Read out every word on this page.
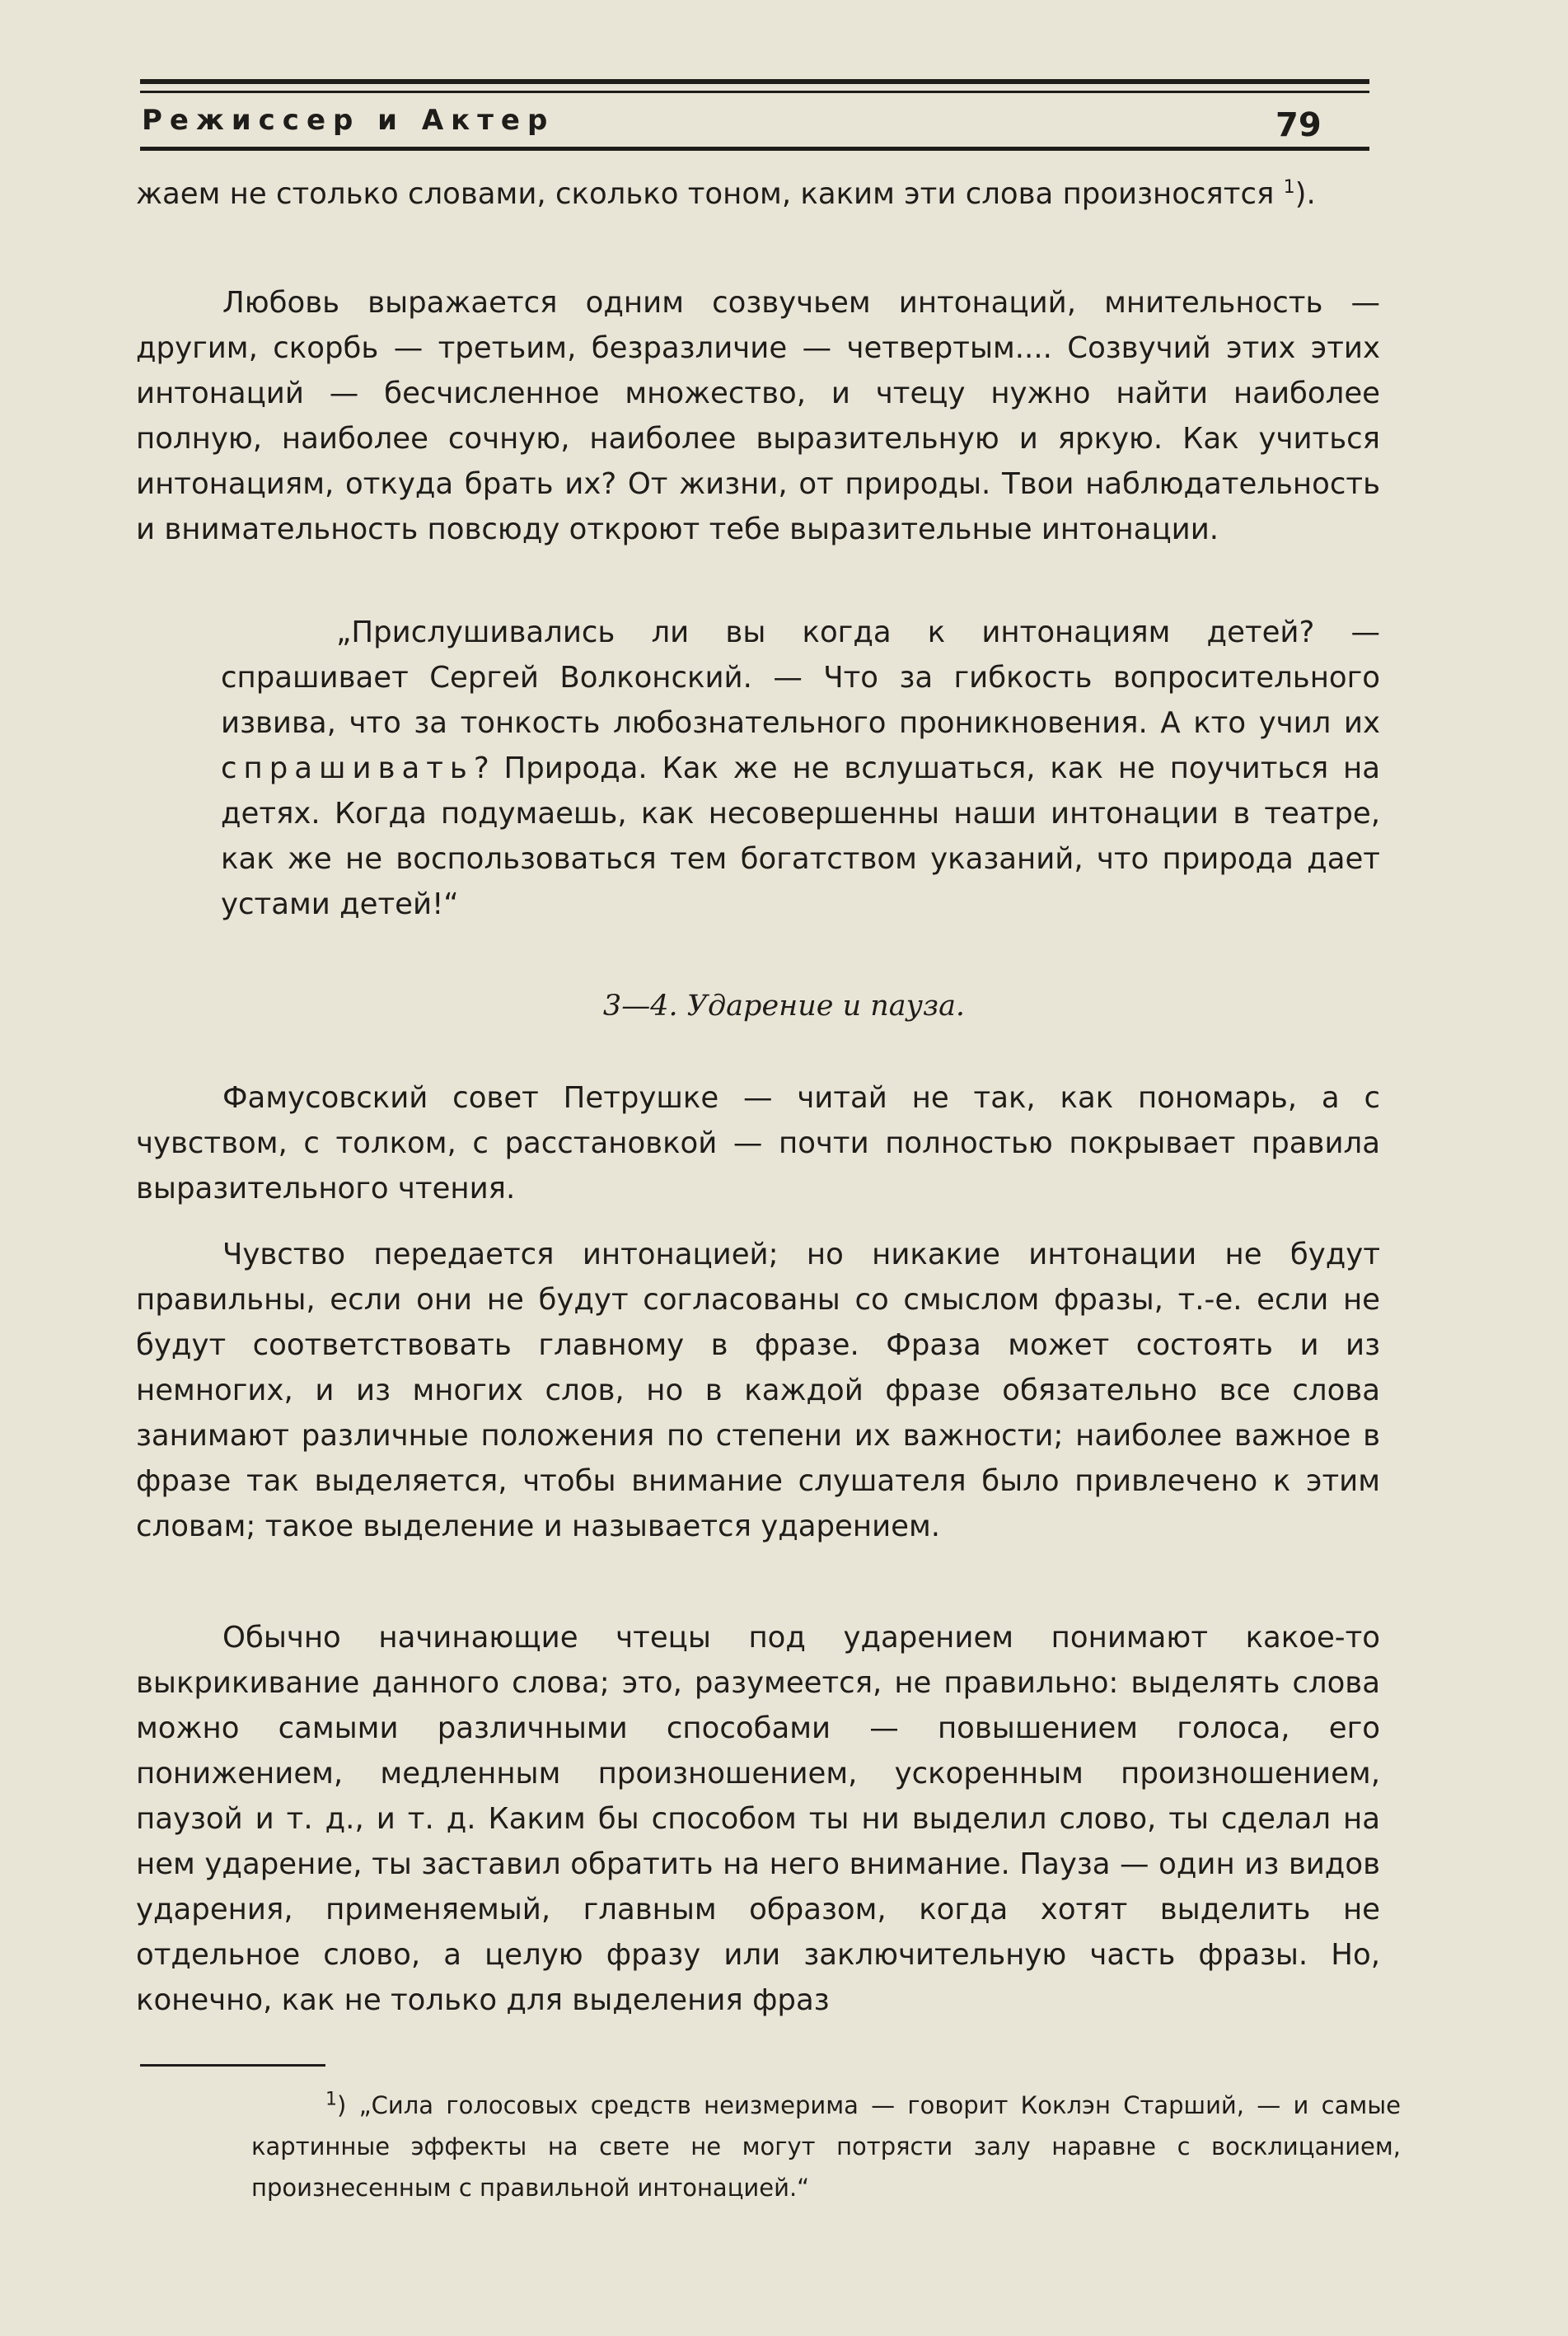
Режиссер и Актер	79

жаем не столько словами, сколько тоном, каким эти слова произносятся $^1$).

Любовь выражается одним созвучьем интонаций, мнительность — другим, скорбь — третьим, безразличие — четвертым.... Созвучий этих этих интонаций — бесчисленное множество, и чтецу нужно найти наиболее полную, наиболее сочную, наиболее выразительную и яркую. Как учиться интонациям, откуда брать их? От жизни, от природы. Твои наблюдательность и внимательность повсюду откроют тебе выразительные интонации.

„Прислушивались ли вы когда к интонациям детей? — спрашивает Сергей Волконский. — Что за гибкость вопросительного извива, что за тонкость любознательного проникновения. А кто учил их спрашивать? Природа. Как же не вслушаться, как не поучиться на детях. Когда подумаешь, как несовершенны наши интонации в театре, как же не воспользоваться тем богатством указаний, что природа дает устами детей!“

3—4. Ударение и пауза.

Фамусовский совет Петрушке — читай не так, как пономарь, а с чувством, с толком, с расстановкой — почти полностью покрывает правила выразительного чтения.

Чувство передается интонацией; но никакие интонации не будут правильны, если они не будут согласованы со смыслом фразы, т.-е. если не будут соответствовать главному в фразе. Фраза может состоять и из немногих, и из многих слов, но в каждой фразе обязательно все слова занимают различные положения по степени их важности; наиболее важное в фразе так выделяется, чтобы внимание слушателя было привлечено к этим словам; такое выделение и называется ударением.

Обычно начинающие чтецы под ударением понимают какое-то выкрикивание данного слова; это, разумеется, не правильно: выделять слова можно самыми различными способами — повышением голоса, его понижением, медленным произношением, ускоренным произношением, паузой и т. д., и т. д. Каким бы способом ты ни выделил слово, ты сделал на нем ударение, ты заставил обратить на него внимание. Пауза — один из видов ударения, применяемый, главным образом, когда хотят выделить не отдельное слово, а целую фразу или заключительную часть фразы. Но, конечно, как не только для выделения фраз

$^1$) „Сила голосовых средств неизмерима — говорит Коклэн Старший, — и самые картинные эффекты на свете не могут потрясти залу наравне с восклицанием, произнесенным с правильной интонацией.“
